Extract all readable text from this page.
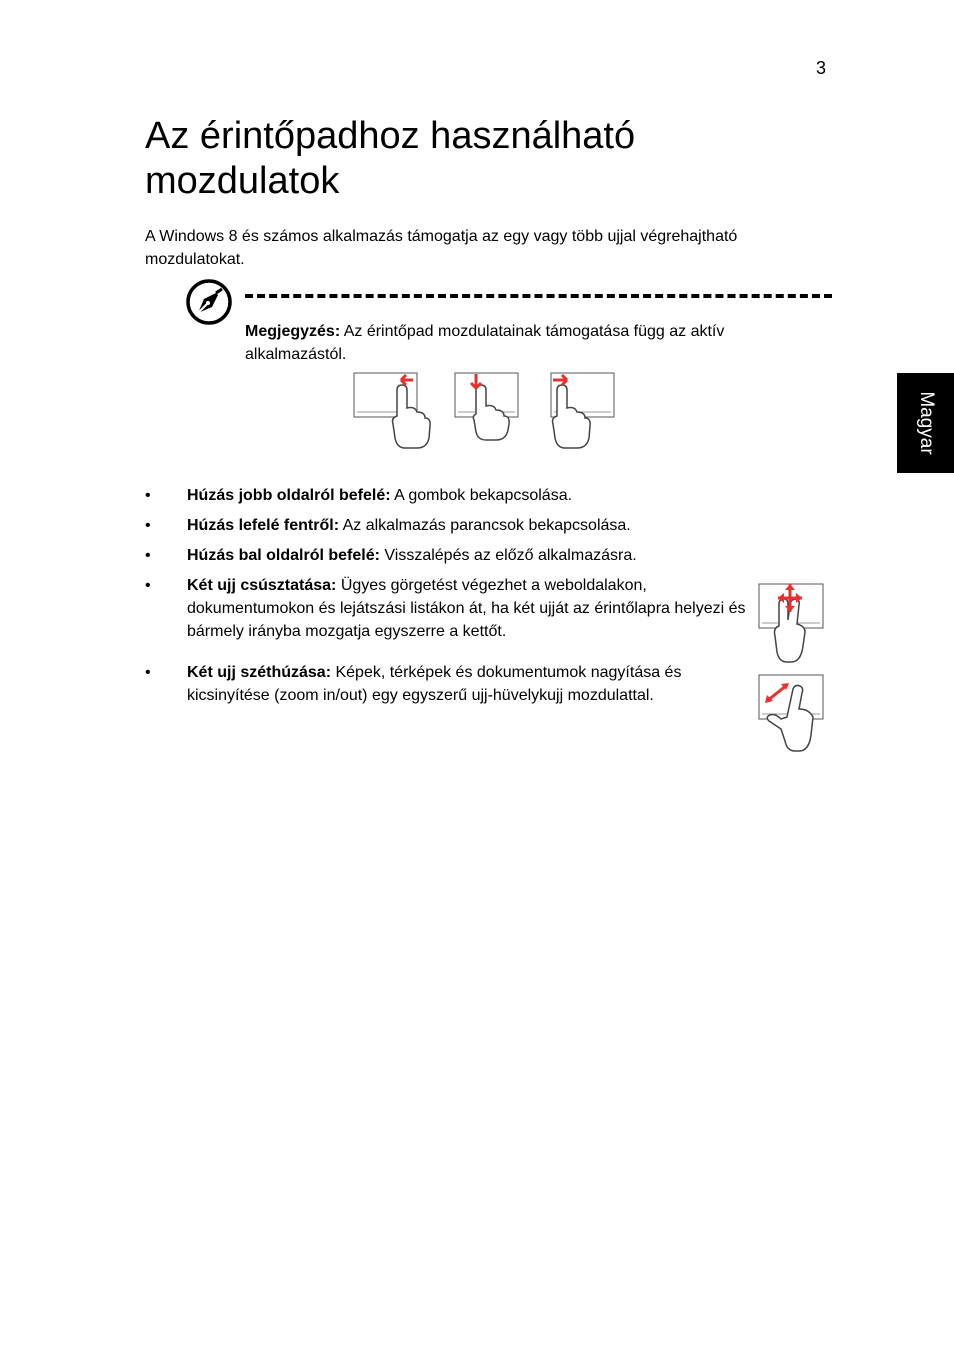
3
Az érintőpadhoz használható
mozdulatok

A Windows 8 és számos alkalmazás támogatja az egy vagy több ujjal végrehajtható mozdulatokat.

Megjegyzés: Az érintőpad mozdulatainak támogatása függ az aktív alkalmazástól.

• Húzás jobb oldalról befelé: A gombok bekapcsolása.
• Húzás lefelé fentről: Az alkalmazás parancsok bekapcsolása.
• Húzás bal oldalról befelé: Visszalépés az előző alkalmazásra.
• Két ujj csúsztatása: Ügyes görgetést végezhet a weboldalakon, dokumentumokon és lejátszási listákon át, ha két ujját az érintőlapra helyezi és bármely irányba mozgatja egyszerre a kettőt.
• Két ujj széthúzása: Képek, térképek és dokumentumok nagyítása és kicsinyítése (zoom in/out) egy egyszerű ujj-hüvelykujj mozdulattal.
Magyar
